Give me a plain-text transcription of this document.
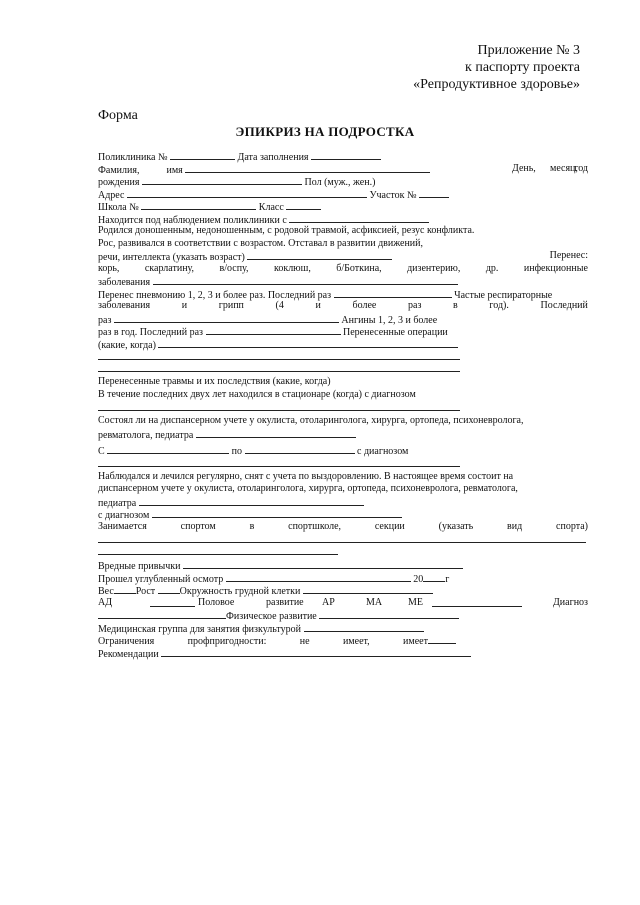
Приложение № 3
к паспорту проекта
«Репродуктивное здоровье»
Форма
ЭПИКРИЗ НА ПОДРОСТКА
Поликлиника №	Дата заполнения
Фамилия,	имя	День, месяц,
год
рождения	Пол (муж., жен.)
Адрес	Участок №
Школа №	Класс
Находится под наблюдением поликлиники с
Родился доношенным, недоношенным, с родовой травмой, асфиксией, резус конфликта.
Рос, развивался в соответствии с возрастом. Отставал в развитии движений,
речи, интеллекта (указать возраст)	Перенес:
корь,	скарлатину,	в/оспу,	коклюш,	б/Боткина,	дизентерию,	др.	инфекционные
заболевания
Перенес пневмонию 1, 2, 3 и более раз. Последний раз	Частые респираторные
заболевания	и	грипп	(4	и	более	раз	в	год).	Последний
раз	Ангины 1, 2, 3 и более
раз в год. Последний раз	Перенесенные операции
(какие, когда)
Перенесенные травмы и их последствия (какие, когда)
В течение последних двух лет находился в стационаре (когда) с диагнозом
Состоял ли на диспансерном учете у окулиста, отоларинголога, хирурга, ортопеда, психоневролога,
ревматолога, педиатра
С	по	с диагнозом
Наблюдался и лечился регулярно, снят с учета по выздоровлению. В настоящее время состоит на
диспансерном учете у окулиста, отоларинголога, хирурга, ортопеда, психоневролога, ревматолога,
педиатра
с диагнозом
Занимается	спортом	в	спортшколе,	секции	(указать	вид	спорта)
Вредные привычки
Прошел углубленный осмотр	20 г
Вес Рост Окружность грудной клетки
АД	Половое	развитие АР	МА	МЕ	Диагноз
Физическое развитие
Медицинская группа для занятия физкультурой
Ограничения	профпригодности:	не	имеет,	имеет
Рекомендации
